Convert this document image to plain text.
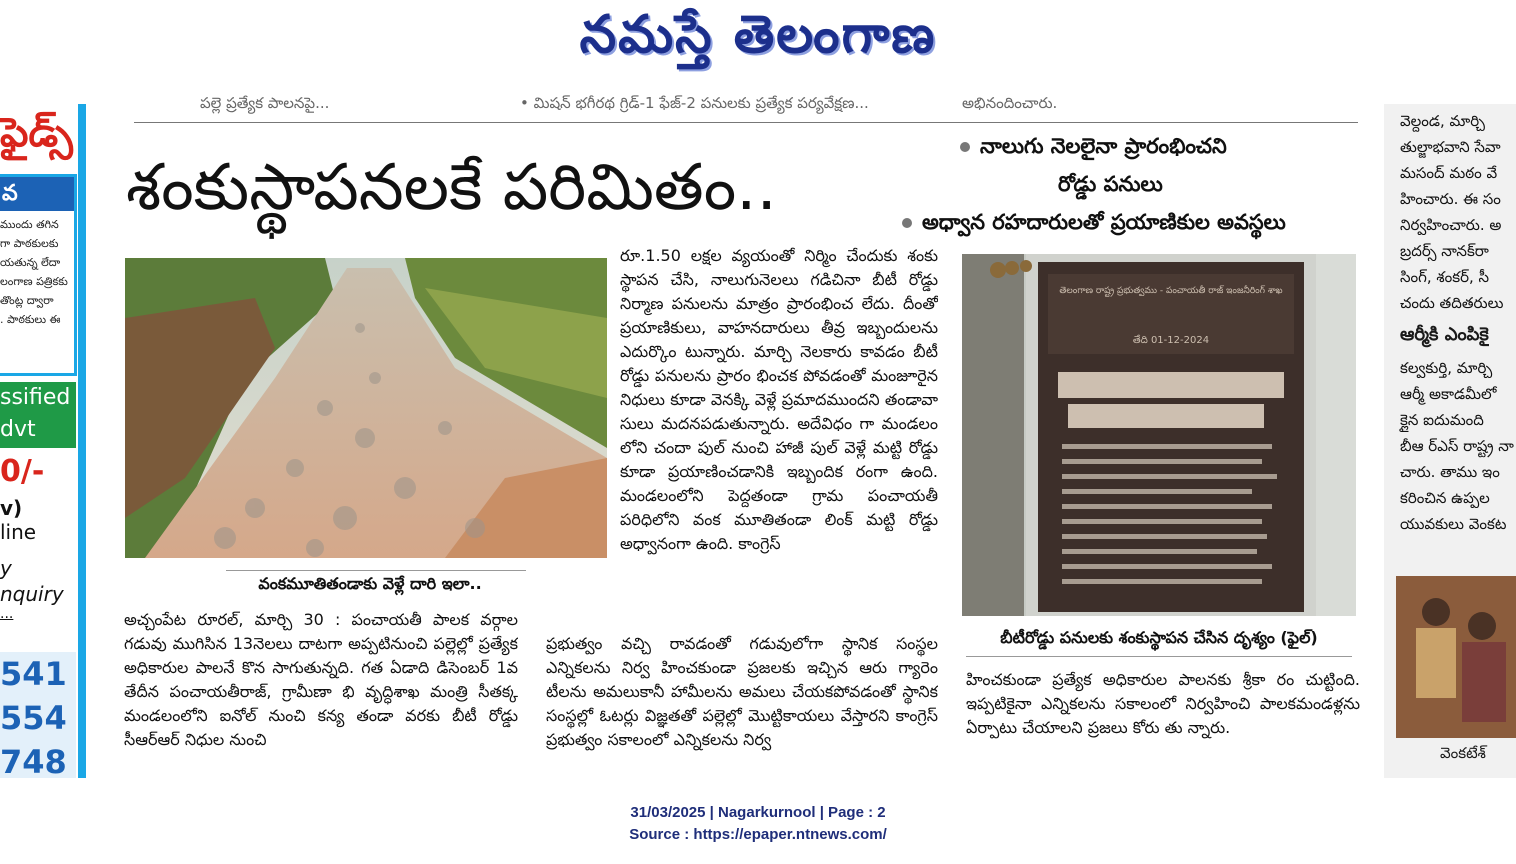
నమస్తే తెలంగాణ
పల్లె ప్రత్యేక పాలనపై...	• మిషన్ భగీరథ గ్రిడ్-1 ఫేజ్-2 పనులకు ప్రత్యేక పర్యవేక్షణ...	అభినందించారు.
ఫైడ్స్
వ
ముందు తగిన
గా పాఠకులకు
యతున్న లేదా
లంగాణ పత్రికకు
తొంట్ల ద్వారా
. పాఠకులు ఈ
ssified
dvt
0/-
v)
line
y
nquiry
...
541
554
748
శంకుస్థాపనలకే పరిమితం..
నాలుగు నెలలైనా ప్రారంభించని
రోడ్డు పనులు
అధ్వాన రహదారులతో ప్రయాణికుల అవస్థలు
వంకమూతితండాకు వెళ్లే దారి ఇలా..
తెలంగాణ రాష్ట్ర ప్రభుత్వము - పంచాయతీ రాజ్ ఇంజనీరింగ్ శాఖ
తేది 01-12-2024
బీటీరోడ్డు పనులకు శంకుస్థాపన చేసిన దృశ్యం (ఫైల్)
అచ్చంపేట రూరల్, మార్చి 30 : పంచాయతీ పాలక వర్గాల గడువు ముగిసిన 13నెలలు దాటగా అప్పటినుంచి పల్లెల్లో ప్రత్యేక అధికారుల పాలనే కొన సాగుతున్నది. గత ఏడాది డిసెంబర్ 1వ తేదీన పంచాయతీరాజ్, గ్రామీణా భి వృద్ధిశాఖ మంత్రి సీతక్క మండలంలోని ఐనోల్ నుంచి కన్య తండా వరకు బీటీ రోడ్డు సీఆర్ఆర్ నిధుల నుంచి
రూ.1.50 లక్షల వ్యయంతో నిర్మిం చేందుకు శంకు స్థాపన చేసి, నాలుగునెలలు గడిచినా బీటీ రోడ్డు నిర్మాణ పనులను మాత్రం ప్రారంభించ లేదు. దీంతో ప్రయాణికులు, వాహనదారులు తీవ్ర ఇబ్బందులను ఎదుర్కొం టున్నారు. మార్చి నెలకారు కావడం బీటీ రోడ్డు పనులను ప్రారం భించక పోవడంతో మంజూరైన నిధులు కూడా వెనక్కి వెళ్లే ప్రమాదముందని తండావా సులు మదనపడుతున్నారు. అదేవిధం గా మండలం లోని చందా పుల్ నుంచి హాజీ పుల్ వెళ్లే మట్టి రోడ్డు కూడా ప్రయాణించడానికి ఇబ్బందిక రంగా ఉంది. మండలంలోని పెద్దతండా గ్రామ పంచాయతీ పరిధిలోని వంక మూతితండా లింక్ మట్టి రోడ్డు అధ్వానంగా ఉంది. కాంగ్రెస్
ప్రభుత్వం వచ్చి రావడంతో గడువులోగా స్థానిక సంస్థల ఎన్నికలను నిర్వ హించకుండా ప్రజలకు ఇచ్చిన ఆరు గ్యారెం టీలను అమలుకానీ హామీలను అమలు చేయకపోవడంతో స్థానిక సంస్థల్లో ఓటర్లు విజ్ఞతతో పల్లెల్లో మొట్టికాయలు వేస్తారని కాంగ్రెస్ ప్రభుత్వం సకాలంలో ఎన్నికలను నిర్వ
హించకుండా ప్రత్యేక అధికారుల పాలనకు శ్రీకా రం చుట్టింది. ఇప్పటికైనా ఎన్నికలను సకాలంలో నిర్వహించి పాలకమండళ్లను ఏర్పాటు చేయాలని ప్రజలు కోరు తు న్నారు.
వెల్దండ, మార్చి
తుల్జాభవాని సేవా
మసంద్ మఠం వే
హించారు. ఈ సం
నిర్వహించారు. అ
బ్రదర్స్ నానక్‌రా
సింగ్, శంకర్, సీ
చందు తదితరులు
ఆర్మీకి ఎంపికై
కల్వకుర్తి, మార్చి
ఆర్మీ అకాడమీలో
క్లైన ఐదుమంది
బీఆ ర్‌ఎస్ రాష్ట్ర నా
చారు. తాము ఇం
కరించిన ఉప్పల
యువకులు వెంకట
వెంకటేశ్
31/03/2025 | Nagarkurnool | Page : 2
Source : https://epaper.ntnews.com/
